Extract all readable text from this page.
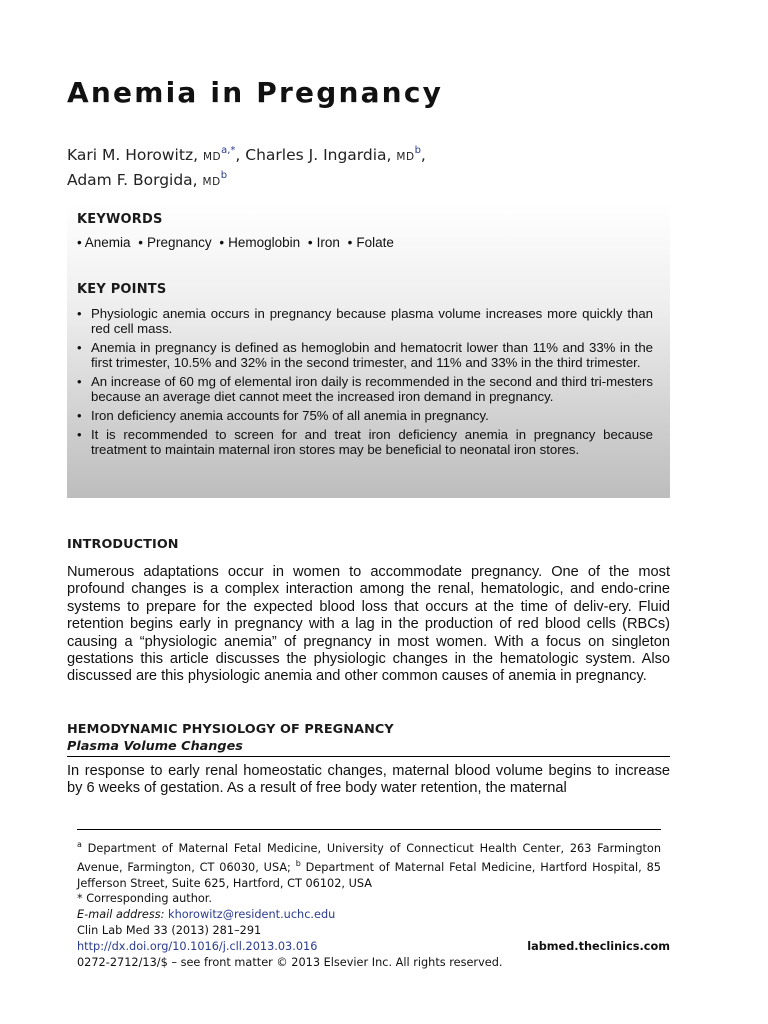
Anemia in Pregnancy
Kari M. Horowitz, $MD^{a,*}$, Charles J. Ingardia, $MD^b$,
Adam F. Borgida, $MD^b$
KEYWORDS
• Anemia • Pregnancy • Hemoglobin • Iron • Folate
KEY POINTS
• Physiologic anemia occurs in pregnancy because plasma volume increases more quickly than red cell mass.
• Anemia in pregnancy is defined as hemoglobin and hematocrit lower than 11% and 33% in the first trimester, 10.5% and 32% in the second trimester, and 11% and 33% in the third trimester.
• An increase of 60 mg of elemental iron daily is recommended in the second and third tri-mesters because an average diet cannot meet the increased iron demand in pregnancy.
• Iron deficiency anemia accounts for 75% of all anemia in pregnancy.
• It is recommended to screen for and treat iron deficiency anemia in pregnancy because treatment to maintain maternal iron stores may be beneficial to neonatal iron stores.
INTRODUCTION

Numerous adaptations occur in women to accommodate pregnancy. One of the most profound changes is a complex interaction among the renal, hematologic, and endo-crine systems to prepare for the expected blood loss that occurs at the time of deliv-ery. Fluid retention begins early in pregnancy with a lag in the production of red blood cells (RBCs) causing a “physiologic anemia” of pregnancy in most women. With a focus on singleton gestations this article discusses the physiologic changes in the hematologic system. Also discussed are this physiologic anemia and other common causes of anemia in pregnancy.

HEMODYNAMIC PHYSIOLOGY OF PREGNANCY
Plasma Volume Changes

In response to early renal homeostatic changes, maternal blood volume begins to increase by 6 weeks of gestation. As a result of free body water retention, the maternal

$^a$ Department of Maternal Fetal Medicine, University of Connecticut Health Center, 263 Farmington Avenue, Farmington, CT 06030, USA; $^b$ Department of Maternal Fetal Medicine, Hartford Hospital, 85 Jefferson Street, Suite 625, Hartford, CT 06102, USA
* Corresponding author.
E-mail address: khorowitz@resident.uchc.edu
Clin Lab Med 33 (2013) 281–291
http://dx.doi.org/10.1016/j.cll.2013.03.016	labmed.theclinics.com
0272-2712/13/$ – see front matter © 2013 Elsevier Inc. All rights reserved.
